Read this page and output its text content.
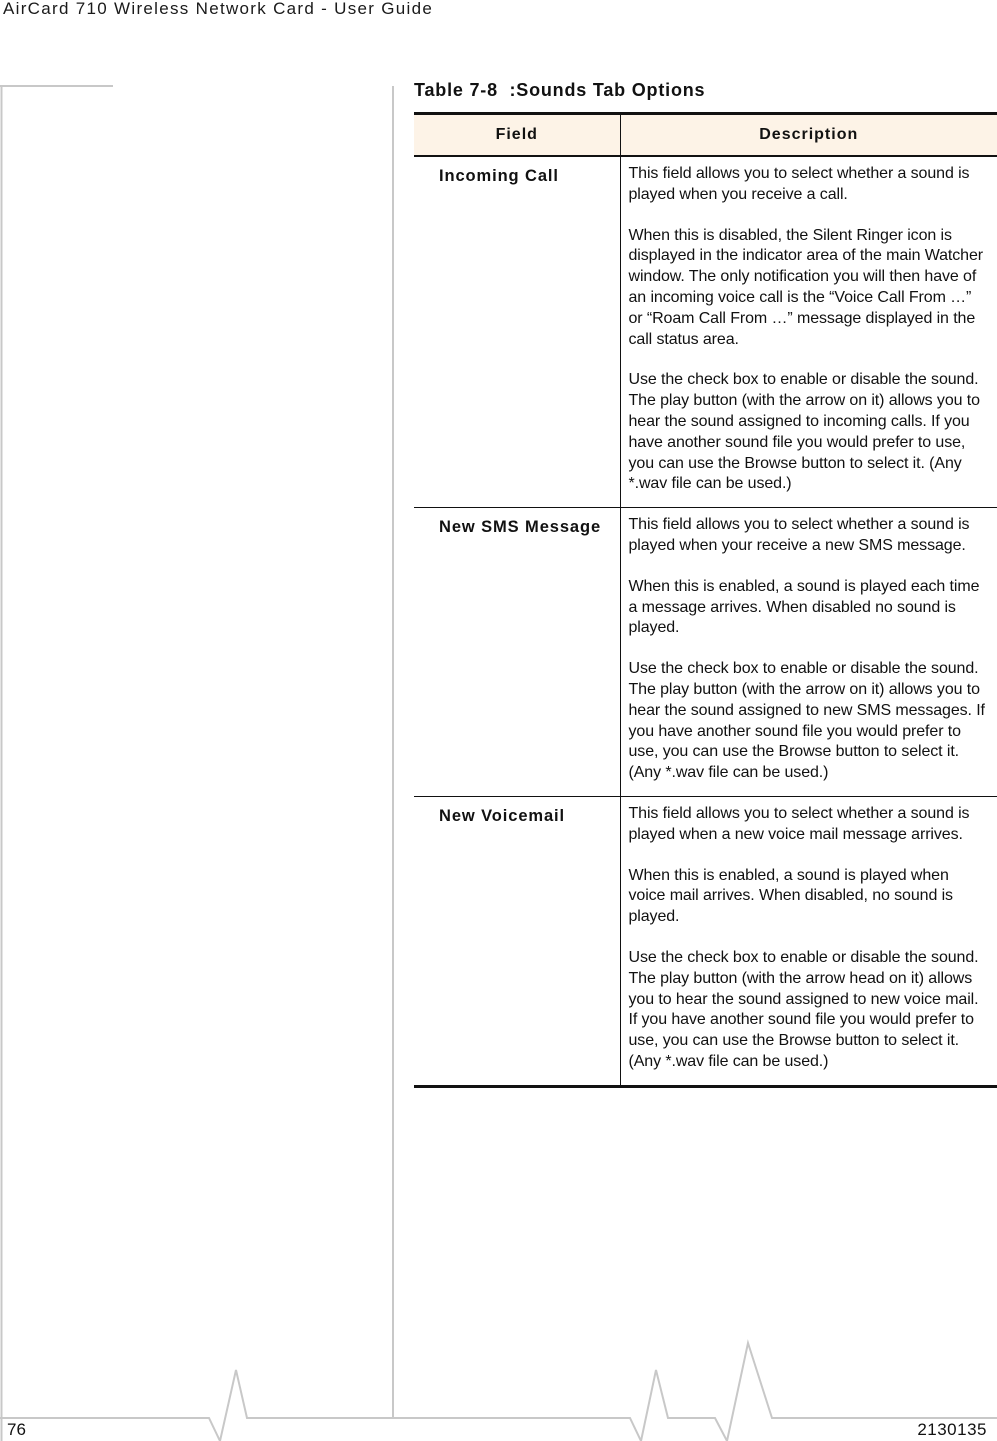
AirCard 710 Wireless Network Card - User Guide
Table 7-8  :Sounds Tab Options
Field	Description
Incoming Call	This field allows you to select whether a sound is played when you receive a call.

When this is disabled, the Silent Ringer icon is displayed in the indicator area of the main Watcher window. The only notification you will then have of an incoming voice call is the “Voice Call From …” or “Roam Call From …” message displayed in the call status area.

Use the check box to enable or disable the sound. The play button (with the arrow on it) allows you to hear the sound assigned to incoming calls. If you have another sound file you would prefer to use, you can use the Browse button to select it. (Any *.wav file can be used.)

New SMS Message	This field allows you to select whether a sound is played when your receive a new SMS message.

When this is enabled, a sound is played each time a message arrives. When disabled no sound is played.

Use the check box to enable or disable the sound. The play button (with the arrow on it) allows you to hear the sound assigned to new SMS messages. If you have another sound file you would prefer to use, you can use the Browse button to select it. (Any *.wav file can be used.)

New Voicemail	This field allows you to select whether a sound is played when a new voice mail message arrives.

When this is enabled, a sound is played when voice mail arrives. When disabled, no sound is played.

Use the check box to enable or disable the sound. The play button (with the arrow head on it) allows you to hear the sound assigned to new voice mail. If you have another sound file you would prefer to use, you can use the Browse button to select it. (Any *.wav file can be used.)

76	2130135
